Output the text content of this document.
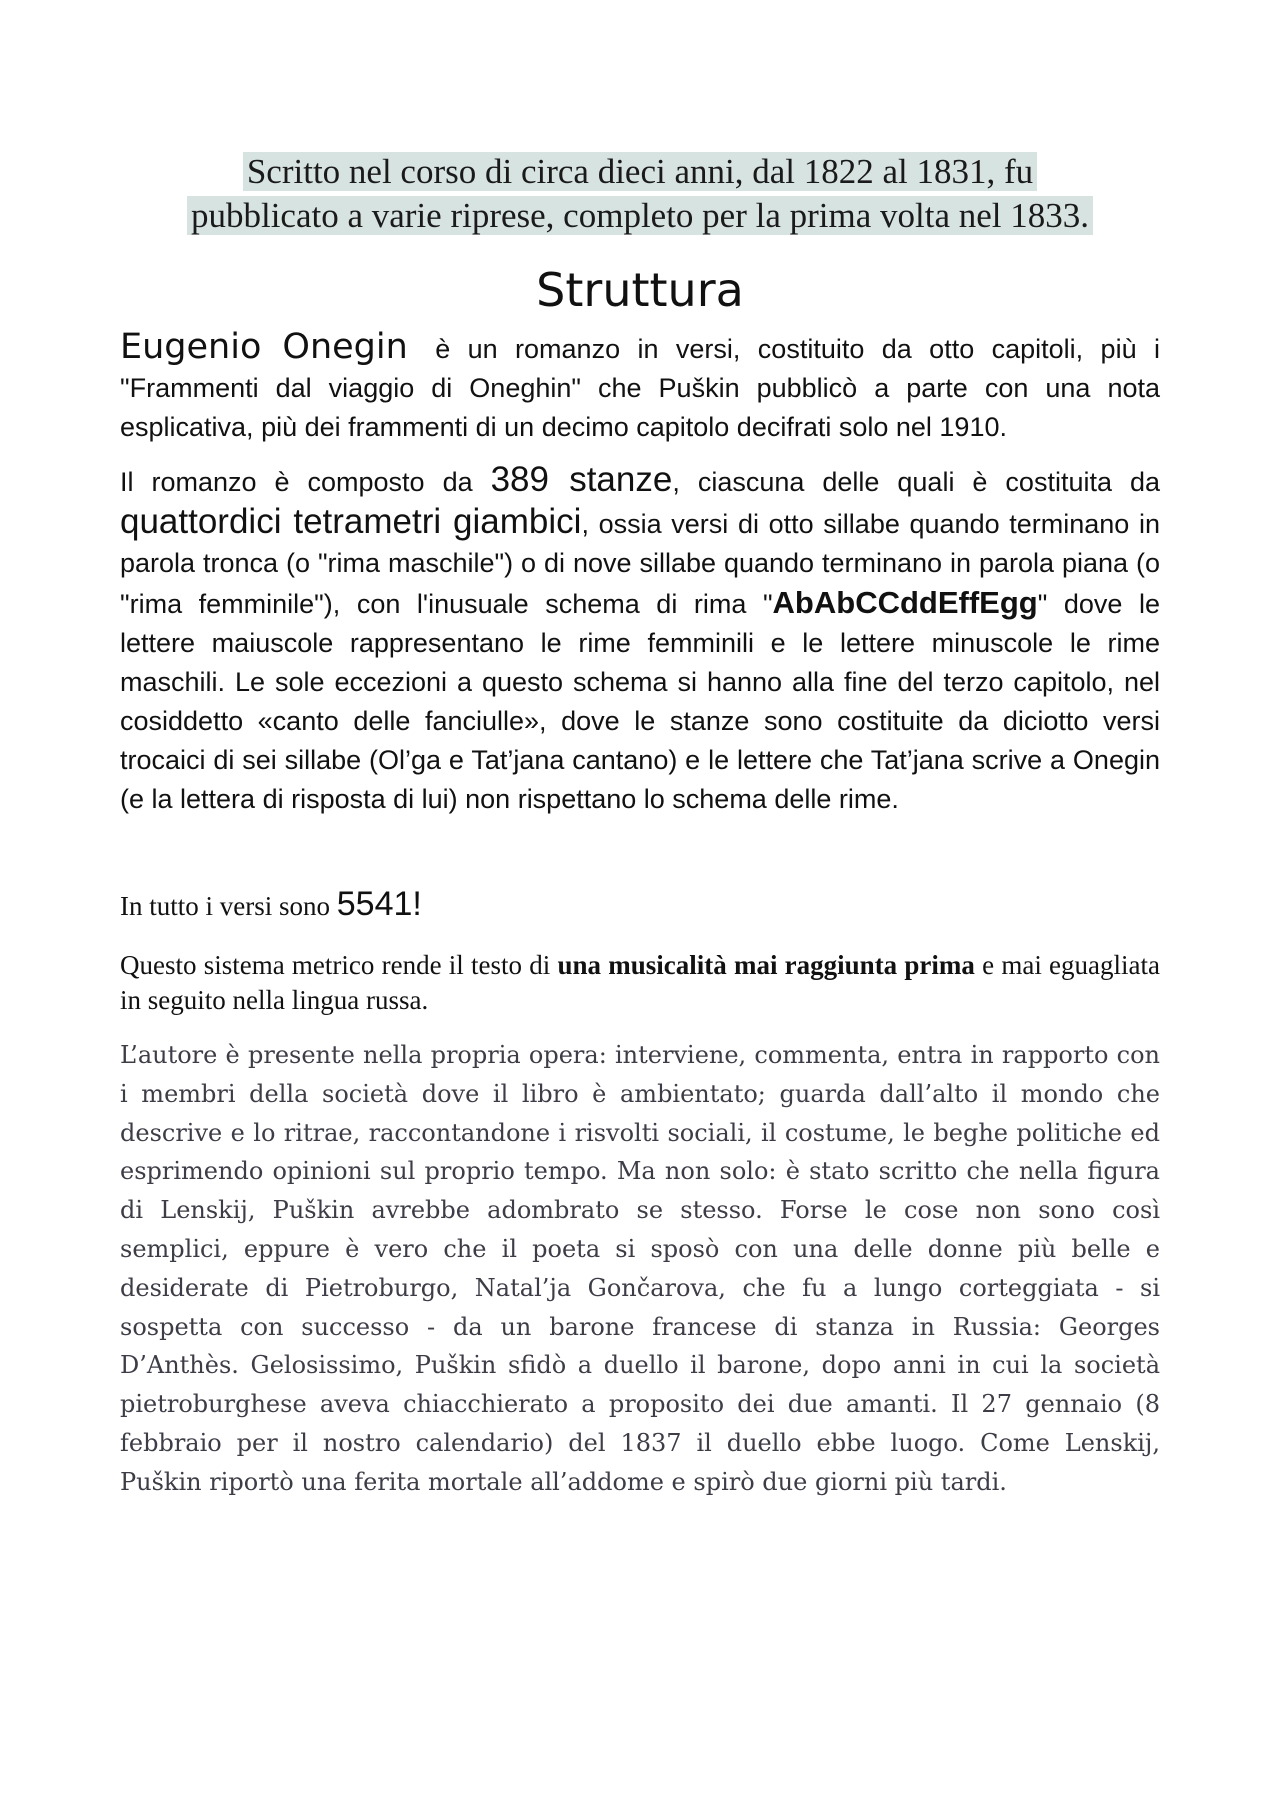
Scritto nel corso di circa dieci anni, dal 1822 al 1831, fu
pubblicato a varie riprese, completo per la prima volta nel 1833.
Struttura
Eugenio Onegin è un romanzo in versi, costituito da otto capitoli, più i "Frammenti dal viaggio di Oneghin" che Puškin pubblicò a parte con una nota esplicativa, più dei frammenti di un decimo capitolo decifrati solo nel 1910.
Il romanzo è composto da 389 stanze, ciascuna delle quali è costituita da quattordici tetrametri giambici, ossia versi di otto sillabe quando terminano in parola tronca (o "rima maschile") o di nove sillabe quando terminano in parola piana (o "rima femminile"), con l'inusuale schema di rima "AbAbCCddEffEgg" dove le lettere maiuscole rappresentano le rime femminili e le lettere minuscole le rime maschili. Le sole eccezioni a questo schema si hanno alla fine del terzo capitolo, nel cosiddetto «canto delle fanciulle», dove le stanze sono costituite da diciotto versi trocaici di sei sillabe (Ol’ga e Tat’jana cantano) e le lettere che Tat’jana scrive a Onegin (e la lettera di risposta di lui) non rispettano lo schema delle rime.
In tutto i versi sono 5541!
Questo sistema metrico rende il testo di una musicalità mai raggiunta prima e mai eguagliata in seguito nella lingua russa.
L’autore è presente nella propria opera: interviene, commenta, entra in rapporto con i membri della società dove il libro è ambientato; guarda dall’alto il mondo che descrive e lo ritrae, raccontandone i risvolti sociali, il costume, le beghe politiche ed esprimendo opinioni sul proprio tempo. Ma non solo: è stato scritto che nella figura di Lenskij, Puškin avrebbe adombrato se stesso. Forse le cose non sono così semplici, eppure è vero che il poeta si sposò con una delle donne più belle e desiderate di Pietroburgo, Natal’ja Gončarova, che fu a lungo corteggiata - si sospetta con successo - da un barone francese di stanza in Russia: Georges D’Anthès. Gelosissimo, Puškin sfidò a duello il barone, dopo anni in cui la società pietroburghese aveva chiacchierato a proposito dei due amanti. Il 27 gennaio (8 febbraio per il nostro calendario) del 1837 il duello ebbe luogo. Come Lenskij, Puškin riportò una ferita mortale all’addome e spirò due giorni più tardi.
